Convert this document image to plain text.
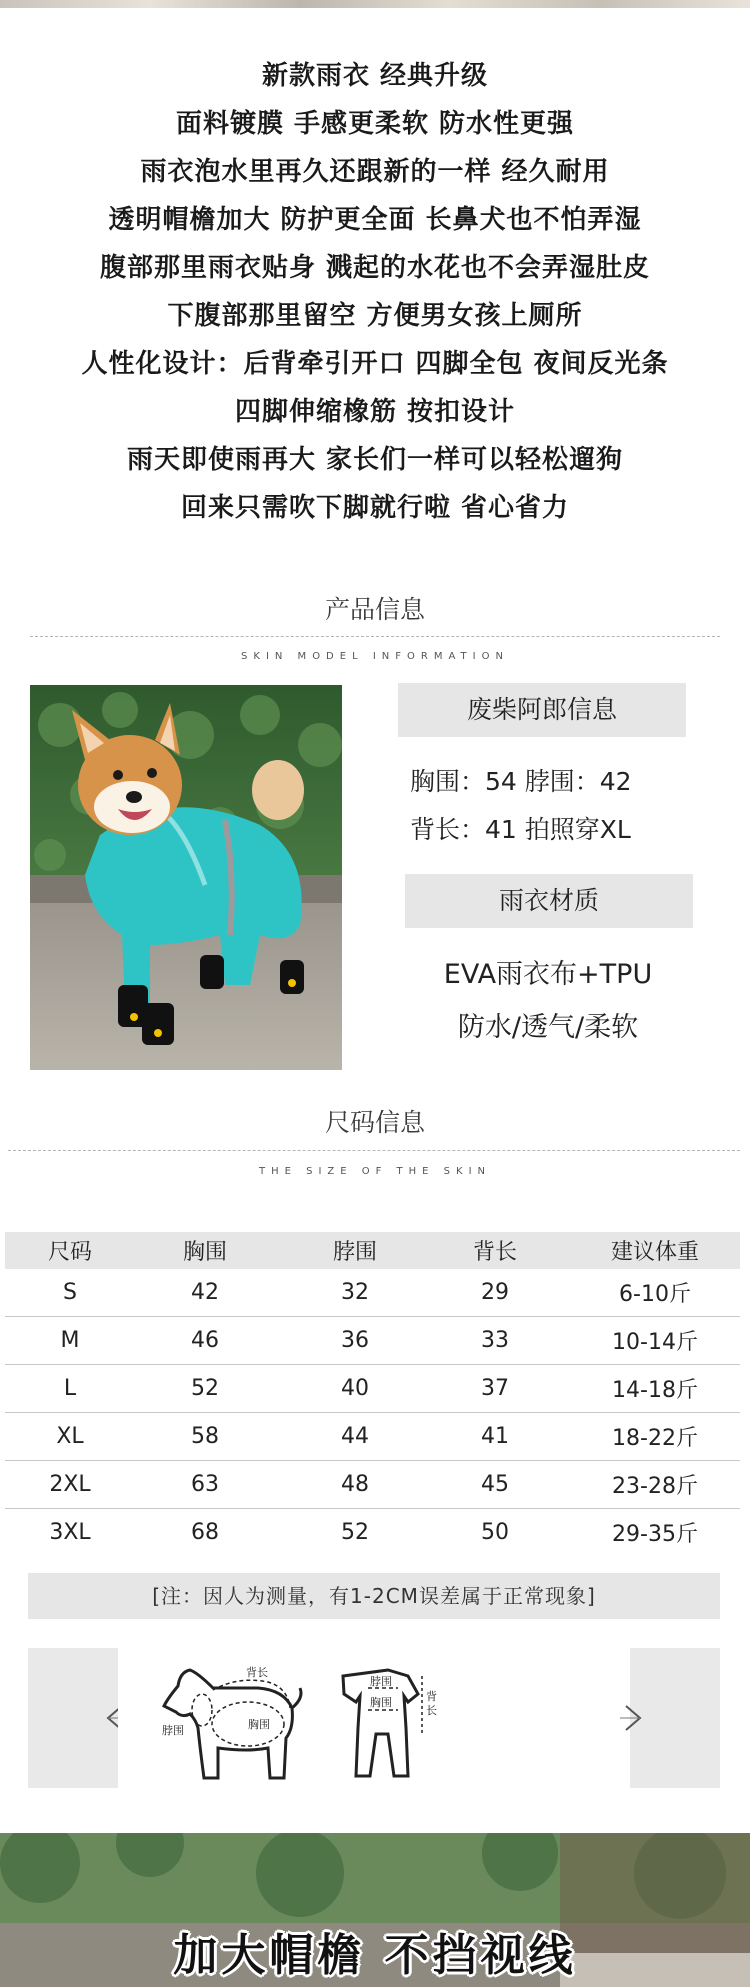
新款雨衣 经典升级
面料镀膜 手感更柔软 防水性更强
雨衣泡水里再久还跟新的一样 经久耐用
透明帽檐加大 防护更全面 长鼻犬也不怕弄湿
腹部那里雨衣贴身 溅起的水花也不会弄湿肚皮
下腹部那里留空 方便男女孩上厕所
人性化设计：后背牵引开口 四脚全包 夜间反光条
四脚伸缩橡筋 按扣设计
雨天即使雨再大 家长们一样可以轻松遛狗
回来只需吹下脚就行啦 省心省力
产品信息
SKIN MODEL INFORMATION
废柴阿郎信息
胸围：54 脖围：42
背长：41 拍照穿XL
雨衣材质
EVA雨衣布+TPU
防水/透气/柔软
尺码信息
THE SIZE OF THE SKIN
尺码	胸围	脖围	背长	建议体重
S	42	32	29	6-10斤
M	46	36	33	10-14斤
L	52	40	37	14-18斤
XL	58	44	41	18-22斤
2XL	63	48	45	23-28斤
3XL	68	52	50	29-35斤
[注：因人为测量，有1-2CM误差属于正常现象]
背长
胸围
脖围
脖围
胸围	背
长
加大帽檐 不挡视线
